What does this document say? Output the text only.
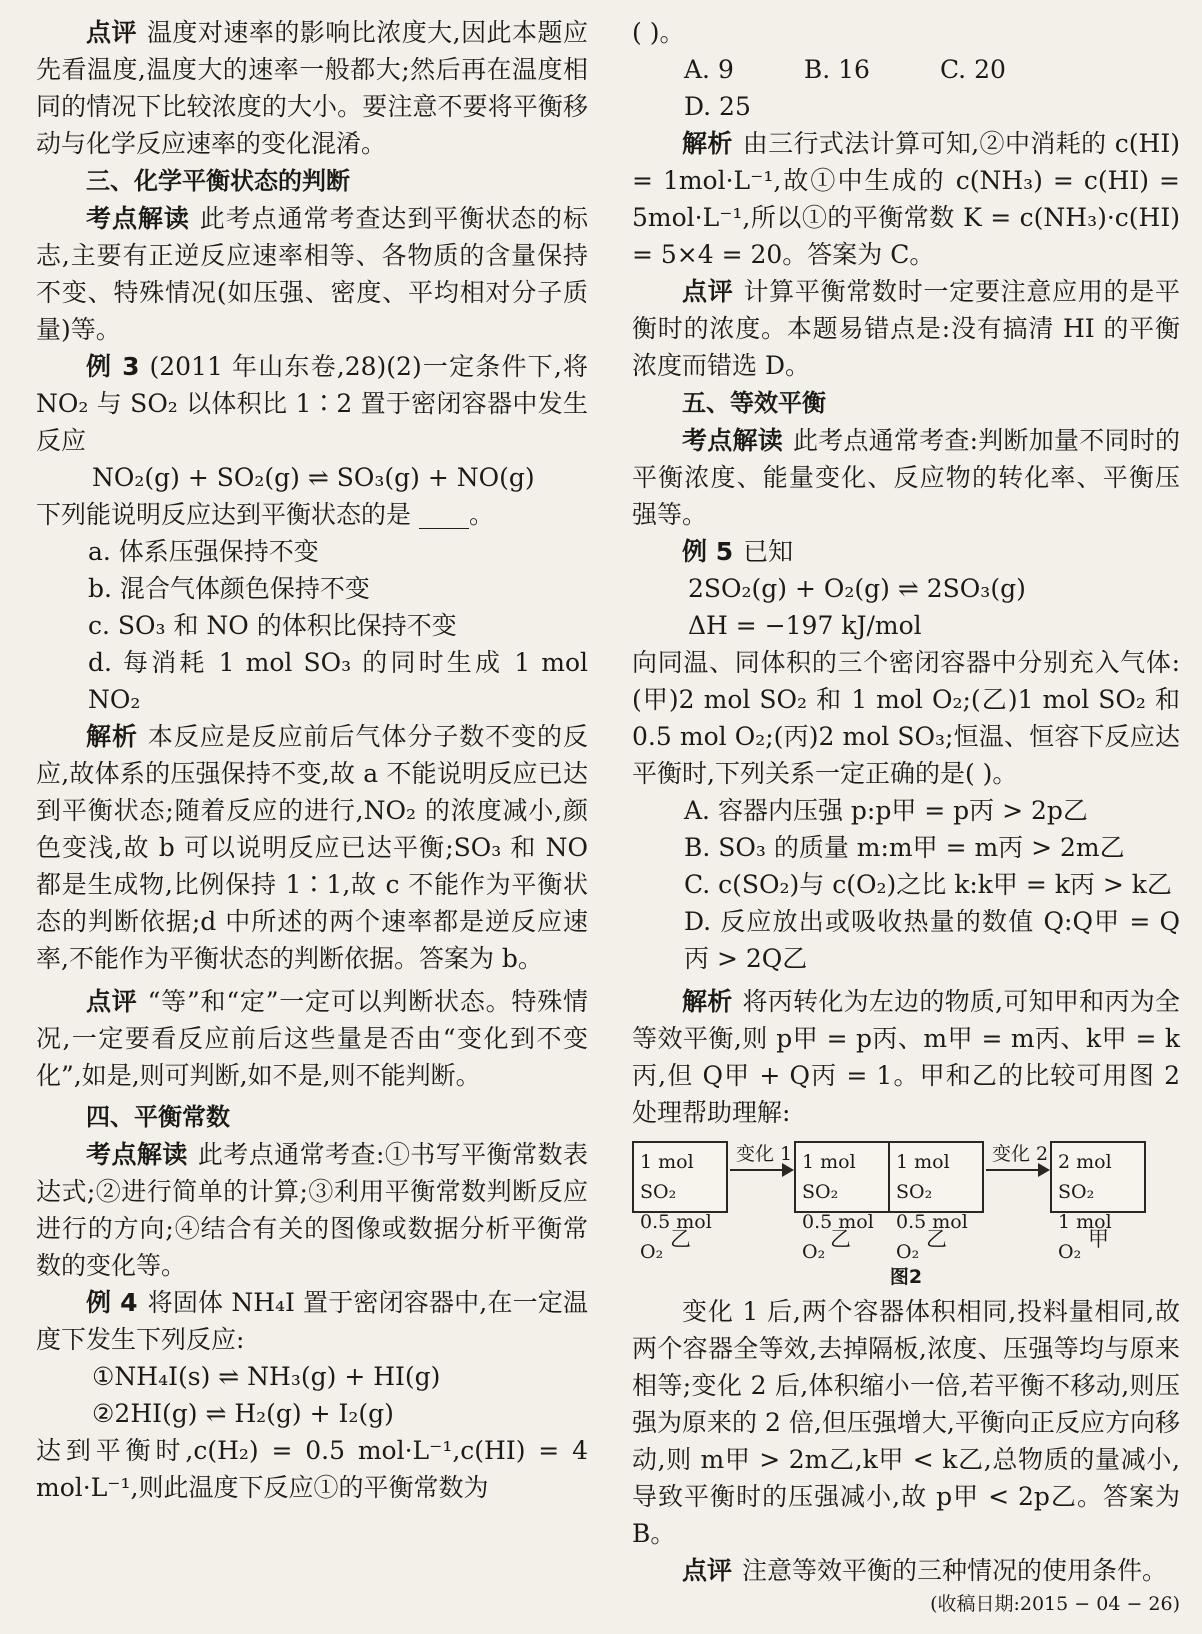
点评 温度对速率的影响比浓度大,因此本题应先看温度,温度大的速率一般都大;然后再在温度相同的情况下比较浓度的大小。要注意不要将平衡移动与化学反应速率的变化混淆。

三、化学平衡状态的判断

考点解读 此考点通常考查达到平衡状态的标志,主要有正逆反应速率相等、各物质的含量保持不变、特殊情况(如压强、密度、平均相对分子质量)等。

例 3 (2011 年山东卷,28)(2)一定条件下,将 NO₂ 与 SO₂ 以体积比 1∶2 置于密闭容器中发生反应

NO₂(g) + SO₂(g) ⇌ SO₃(g) + NO(g)
下列能说明反应达到平衡状态的是 ____。
a. 体系压强保持不变
b. 混合气体颜色保持不变
c. SO₃ 和 NO 的体积比保持不变
d. 每消耗 1 mol SO₃ 的同时生成 1 mol NO₂

解析 本反应是反应前后气体分子数不变的反应,故体系的压强保持不变,故 a 不能说明反应已达到平衡状态;随着反应的进行,NO₂ 的浓度减小,颜色变浅,故 b 可以说明反应已达平衡;SO₃ 和 NO 都是生成物,比例保持 1∶1,故 c 不能作为平衡状态的判断依据;d 中所述的两个速率都是逆反应速率,不能作为平衡状态的判断依据。答案为 b。

点评 “等”和“定”一定可以判断状态。特殊情况,一定要看反应前后这些量是否由“变化到不变化”,如是,则可判断,如不是,则不能判断。

四、平衡常数

考点解读 此考点通常考查:①书写平衡常数表达式;②进行简单的计算;③利用平衡常数判断反应进行的方向;④结合有关的图像或数据分析平衡常数的变化等。

例 4 将固体 NH₄I 置于密闭容器中,在一定温度下发生下列反应:

①NH₄I(s) ⇌ NH₃(g) + HI(g)
②2HI(g) ⇌ H₂(g) + I₂(g)

达到平衡时,c(H₂) = 0.5 mol·L⁻¹,c(HI) = 4 mol·L⁻¹,则此温度下反应①的平衡常数为

( )。
A. 9	B. 16	C. 20D. 25

解析 由三行式法计算可知,②中消耗的 c(HI) = 1mol·L⁻¹,故①中生成的 c(NH₃) = c(HI) = 5mol·L⁻¹,所以①的平衡常数 K = c(NH₃)·c(HI) = 5×4 = 20。答案为 C。

点评 计算平衡常数时一定要注意应用的是平衡时的浓度。本题易错点是:没有搞清 HI 的平衡浓度而错选 D。

五、等效平衡

考点解读 此考点通常考查:判断加量不同时的平衡浓度、能量变化、反应物的转化率、平衡压强等。

例 5 已知

2SO₂(g) + O₂(g) ⇌ 2SO₃(g)
ΔH = −197 kJ/mol

向同温、同体积的三个密闭容器中分别充入气体:(甲)2 mol SO₂ 和 1 mol O₂;(乙)1 mol SO₂ 和 0.5 mol O₂;(丙)2 mol SO₃;恒温、恒容下反应达平衡时,下列关系一定正确的是( )。

A. 容器内压强 p:p甲 = p丙 > 2p乙
B. SO₃ 的质量 m:m甲 = m丙 > 2m乙
C. c(SO₂)与 c(O₂)之比 k:k甲 = k丙 > k乙

D. 反应放出或吸收热量的数值 Q:Q甲 = Q丙 > 2Q乙

解析 将丙转化为左边的物质,可知甲和丙为全等效平衡,则 p甲 = p丙、m甲 = m丙、k甲 = k丙,但 Q甲 + Q丙 = 1。甲和乙的比较可用图 2 处理帮助理解:

1 mol SO₂
0.5 mol O₂
变化 1 1 mol SO₂
0.5 mol O₂
1 mol SO₂
0.5 mol O₂
变化 2 2 mol SO₂
1 mol O₂
乙	乙	乙	甲
图2

变化 1 后,两个容器体积相同,投料量相同,故两个容器全等效,去掉隔板,浓度、压强等均与原来相等;变化 2 后,体积缩小一倍,若平衡不移动,则压强为原来的 2 倍,但压强增大,平衡向正反应方向移动,则 m甲 > 2m乙,k甲 < k乙,总物质的量减小,导致平衡时的压强减小,故 p甲 < 2p乙。答案为 B。

点评 注意等效平衡的三种情况的使用条件。

(收稿日期:2015 − 04 − 26)
